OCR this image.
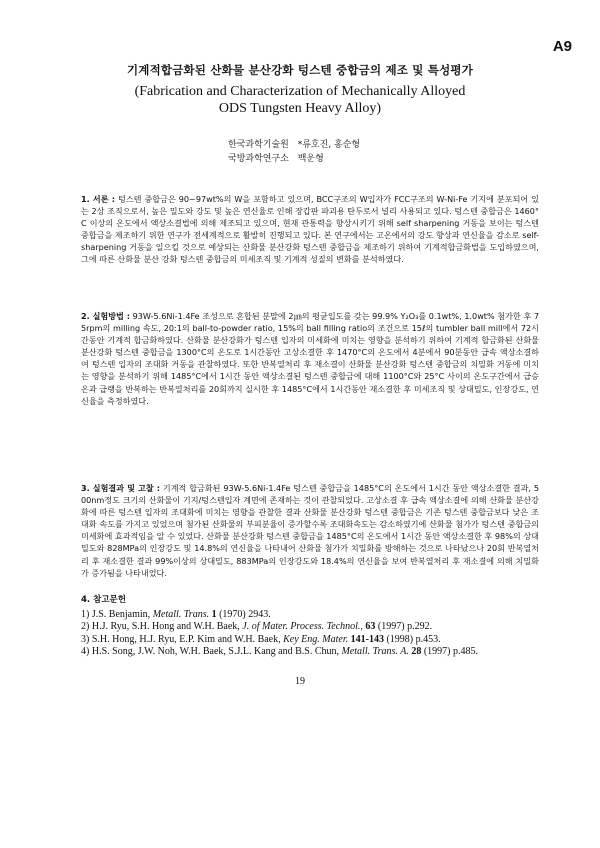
A9
기계적합금화된 산화물 분산강화 텅스텐 중합금의 제조 및 특성평가
(Fabrication and Characterization of Mechanically Alloyed
ODS Tungsten Heavy Alloy)
한국과학기술원 *류호진, 홍순형
국방과학연구소 백운형
1. 서론 : 텅스텐 중합금은 90~97wt%의 W을 포함하고 있으며, BCC구조의 W입자가 FCC구조의 W-Ni-Fe 기지에 분포되어 있는 2상 조직으로서, 높은 밀도와 강도 및 높은 연신율로 인해 장갑판 파괴용 탄두로서 널리 사용되고 있다. 텅스텐 중합금은 1460°C 이상의 온도에서 액상소결법에 의해 제조되고 있으며, 현재 관통력을 향상시키기 위해 self sharpening 거동을 보이는 텅스텐 중합금을 제조하기 위한 연구가 전세계적으로 활발히 진행되고 있다. 본 연구에서는 고온에서의 강도 향상과 연신율을 감소로 self-sharpening 거동을 일으킬 것으로 예상되는 산화물 분산강화 텅스텐 중합금을 제조하기 위하여 기계적합금화법을 도입하였으며, 그에 따른 산화물 분산 강화 텅스텐 중합금의 미세조직 및 기계적 성질의 변화를 분석하였다.
2. 실험방법 : 93W-5.6Ni-1.4Fe 조성으로 혼합된 분말에 2㎛의 평균입도를 갖는 99.9% Y₂O₃를 0.1wt%, 1.0wt% 첨가한 후 75rpm의 milling 속도, 20:1의 ball-to-powder ratio, 15%의 ball filling ratio의 조건으로 15ℓ의 tumbler ball mill에서 72시간동안 기계적 합금화하였다. 산화물 분산강화가 텅스텐 입자의 미세화에 미치는 영향을 분석하기 위하여 기계적 합금화된 산화물 분산강화 텅스텐 중합금을 1300°C의 온도로 1시간동안 고상소결한 후 1470°C의 온도에서 4분에서 90분동안 급속 액상소결하여 텅스텐 입자의 조대화 거동을 관찰하였다. 또한 반복열처리 후 재소결이 산화물 분산강화 텅스텐 중합금의 치밀화 거동에 미치는 영향을 분석하기 위해 1485°C에서 1시간 동안 액상소결된 텅스텐 중합금에 대해 1100°C와 25°C 사이의 온도구간에서 급승온과 급랭을 반복하는 반복열처리를 20회까지 실시한 후 1485°C에서 1시간동안 재소결한 후 미세조직 및 상대밀도, 인장강도, 연신율을 측정하였다.
3. 실험결과 및 고찰 : 기계적 합금화된 93W-5.6Ni-1.4Fe 텅스텐 중합금을 1485°C의 온도에서 1시간 동안 액상소결한 결과, 500nm정도 크기의 산화물이 기지/텅스텐입자 계면에 존재하는 것이 관찰되었다. 고상소결 후 급속 액상소결에 의해 산화물 분산강화에 따른 텅스텐 입자의 조대화에 미치는 영향을 관찰한 결과 산화물 분산강화 텅스텐 중합금은 기존 텅스텐 중합금보다 낮은 조대화 속도를 가지고 있었으며 첨가된 산화물의 부피분율이 증가할수록 조대화속도는 감소하였기에 산화물 첨가가 텅스텐 중합금의 미세화에 효과적임을 알 수 있었다. 산화물 분산강화 텅스텐 중합금을 1485°C의 온도에서 1시간 동안 액상소결한 후 98%의 상대밀도와 828MPa의 인장강도 및 14.8%의 연신율을 나타내어 산화물 첨가가 치밀화를 방해하는 것으로 나타났으나 20회 반복열처리 후 재소결한 결과 99%이상의 상대밀도, 883MPa의 인장강도와 18.4%의 연신율을 보여 반복열처리 후 재소결에 의해 치밀화가 증가됨을 나타내었다.
4. 참고문헌
1) J.S. Benjamin, Metall. Trans. 1 (1970) 2943.
2) H.J. Ryu, S.H. Hong and W.H. Baek, J. of Mater. Process. Technol., 63 (1997) p.292.
3) S.H. Hong, H.J. Ryu, E.P. Kim and W.H. Baek, Key Eng. Mater. 141-143 (1998) p.453.
4) H.S. Song, J.W. Noh, W.H. Baek, S.J.L. Kang and B.S. Chun, Metall. Trans. A. 28 (1997) p.485.
19
